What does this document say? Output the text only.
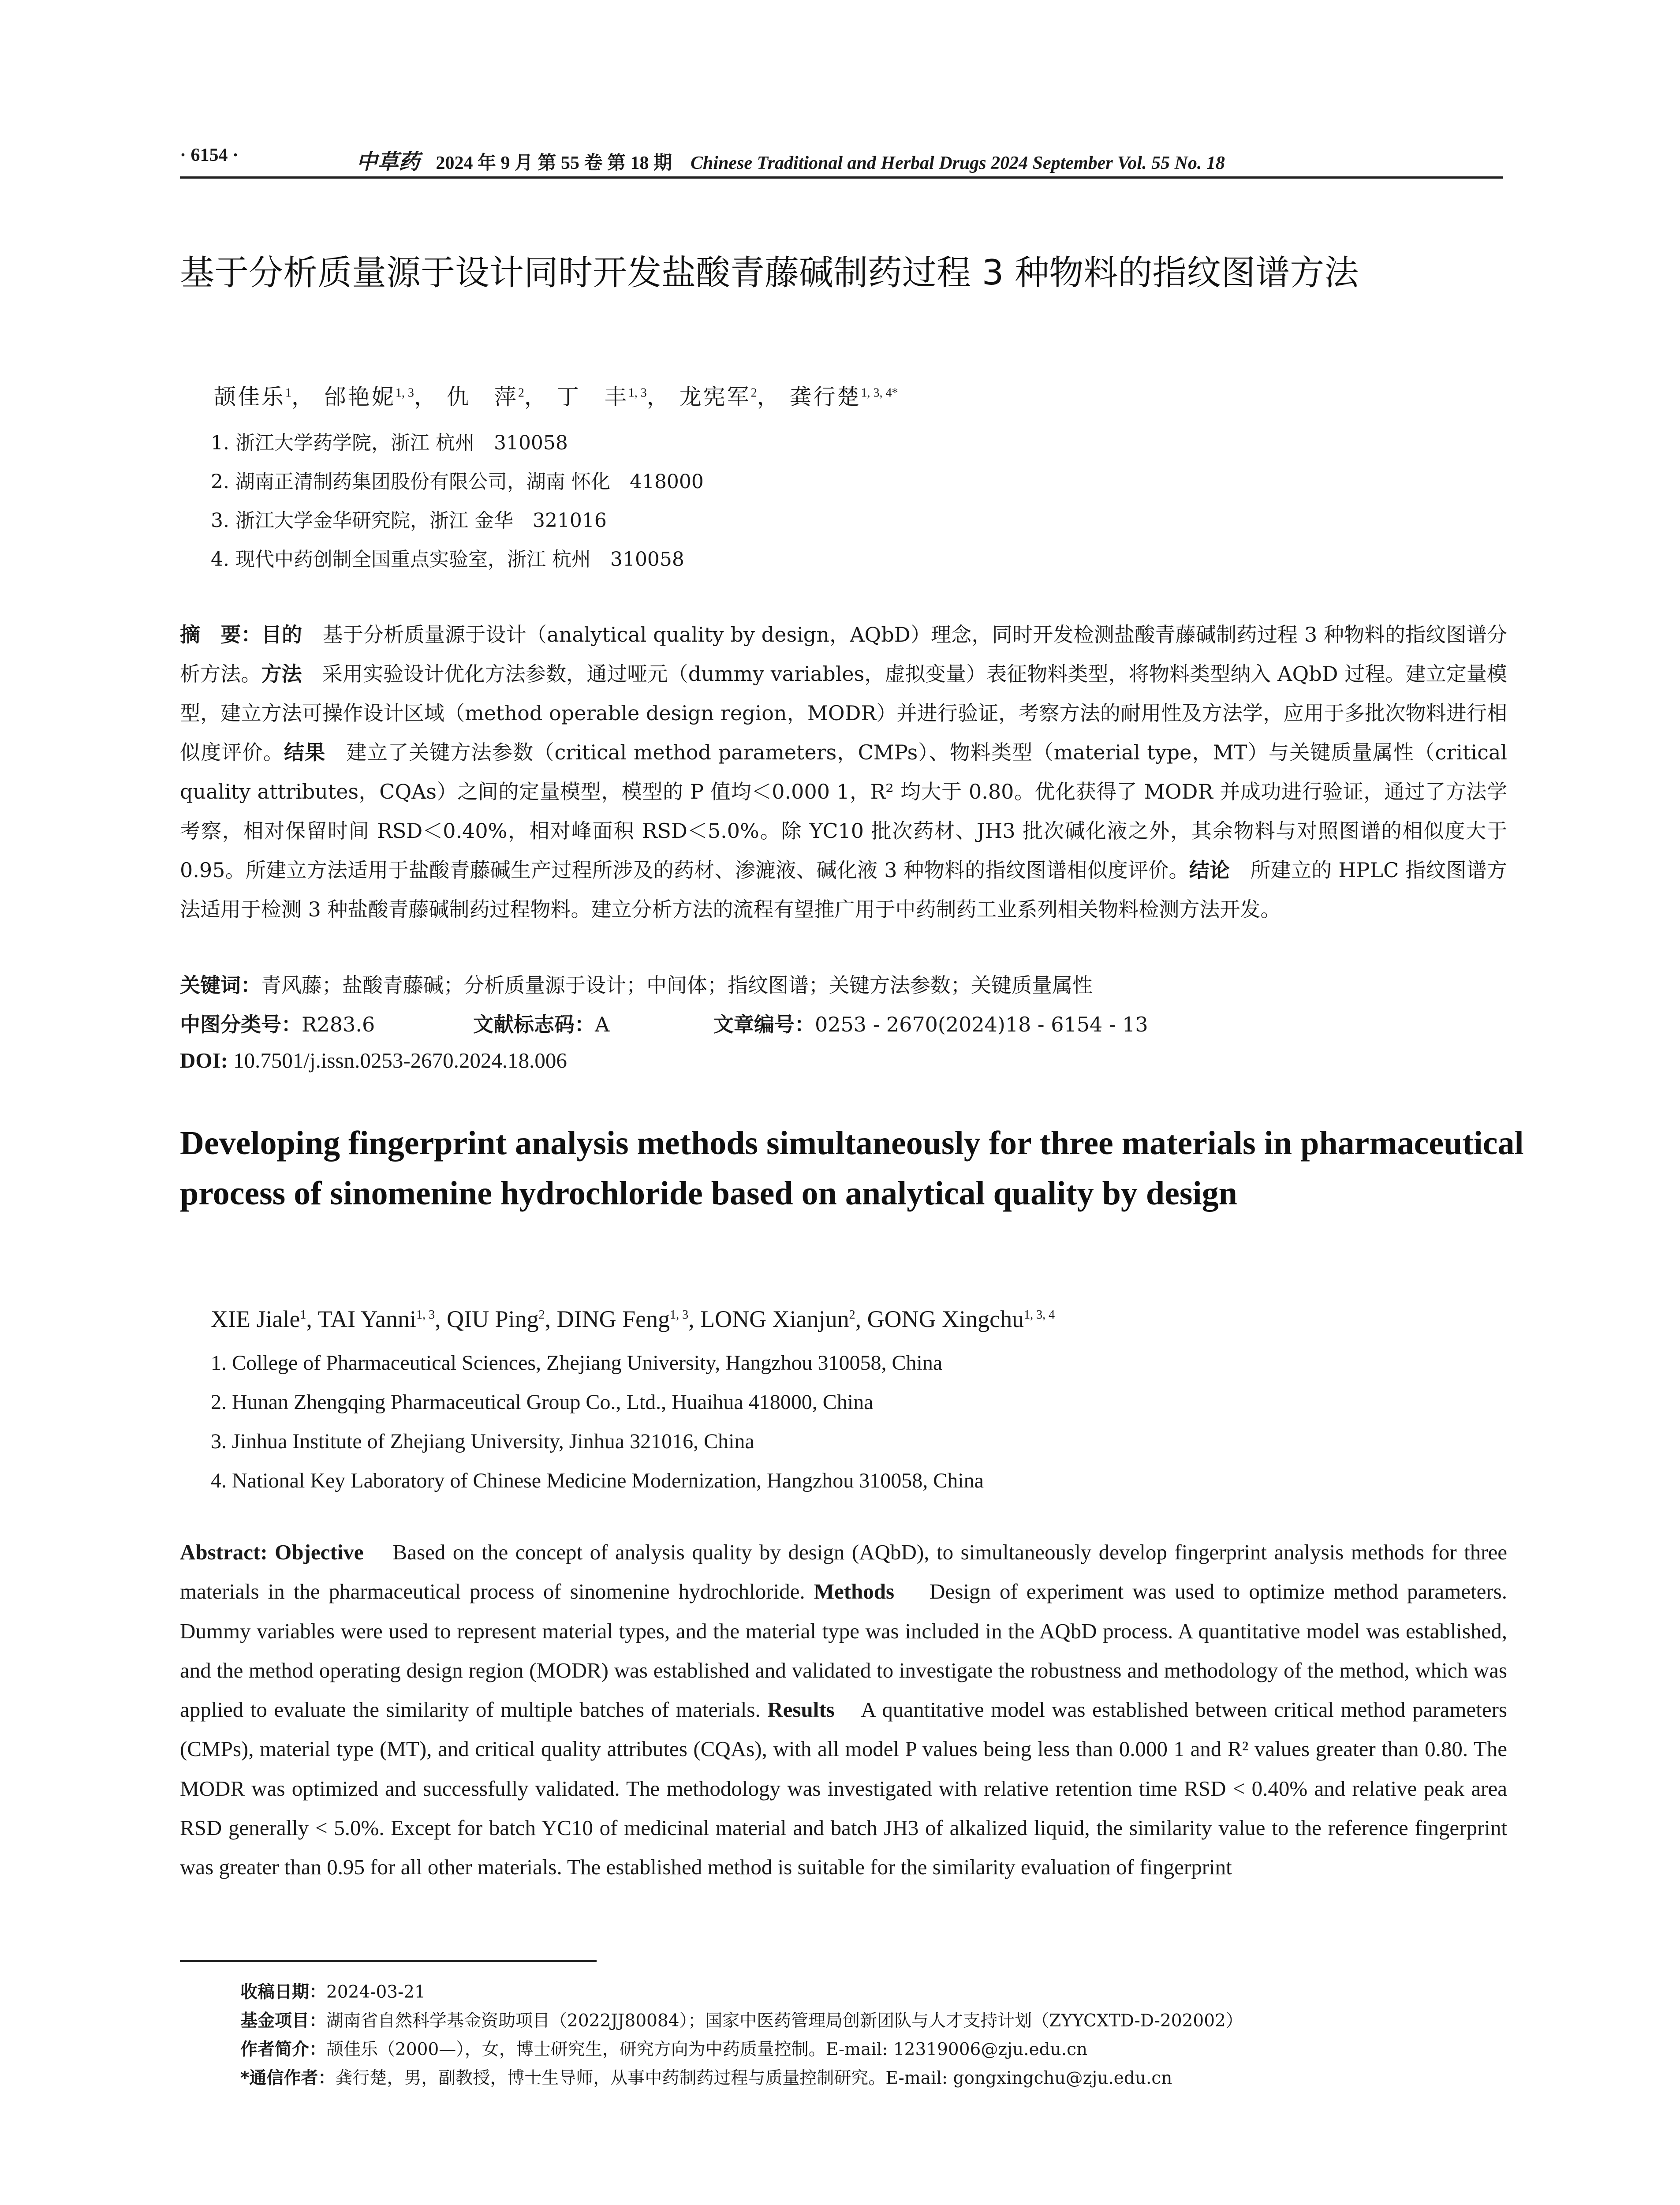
· 6154 ·	中草药 2024 年 9 月 第 55 卷 第 18 期 Chinese Traditional and Herbal Drugs 2024 September Vol. 55 No. 18
基于分析质量源于设计同时开发盐酸青藤碱制药过程 3 种物料的指纹图谱方法
颉佳乐$^1$， 邰艳妮$^{1, 3}$， 仇　萍$^2$， 丁　丰$^{1, 3}$， 龙宪军$^2$， 龚行楚$^{1, 3, 4*}$
1. 浙江大学药学院，浙江 杭州　310058
2. 湖南正清制药集团股份有限公司，湖南 怀化　418000
3. 浙江大学金华研究院，浙江 金华　321016
4. 现代中药创制全国重点实验室，浙江 杭州　310058
摘　要：目的　基于分析质量源于设计（analytical quality by design，AQbD）理念，同时开发检测盐酸青藤碱制药过程 3 种物料的指纹图谱分析方法。方法　采用实验设计优化方法参数，通过哑元（dummy variables，虚拟变量）表征物料类型，将物料类型纳入 AQbD 过程。建立定量模型，建立方法可操作设计区域（method operable design region，MODR）并进行验证，考察方法的耐用性及方法学，应用于多批次物料进行相似度评价。结果　建立了关键方法参数（critical method parameters，CMPs）、物料类型（material type，MT）与关键质量属性（critical quality attributes，CQAs）之间的定量模型，模型的 P 值均＜0.000 1，R² 均大于 0.80。优化获得了 MODR 并成功进行验证，通过了方法学考察，相对保留时间 RSD＜0.40%，相对峰面积 RSD＜5.0%。除 YC10 批次药材、JH3 批次碱化液之外，其余物料与对照图谱的相似度大于 0.95。所建立方法适用于盐酸青藤碱生产过程所涉及的药材、渗漉液、碱化液 3 种物料的指纹图谱相似度评价。结论　所建立的 HPLC 指纹图谱方法适用于检测 3 种盐酸青藤碱制药过程物料。建立分析方法的流程有望推广用于中药制药工业系列相关物料检测方法开发。
关键词：青风藤；盐酸青藤碱；分析质量源于设计；中间体；指纹图谱；关键方法参数；关键质量属性
中图分类号：R283.6	文献标志码：A	文章编号：0253 - 2670(2024)18 - 6154 - 13
DOI: 10.7501/j.issn.0253-2670.2024.18.006
Developing fingerprint analysis methods simultaneously for three materials in pharmaceutical process of sinomenine hydrochloride based on analytical quality by design
XIE Jiale$^1$, TAI Yanni$^{1, 3}$, QIU Ping$^2$, DING Feng$^{1, 3}$, LONG Xianjun$^2$, GONG Xingchu$^{1, 3, 4}$
1. College of Pharmaceutical Sciences, Zhejiang University, Hangzhou 310058, China
2. Hunan Zhengqing Pharmaceutical Group Co., Ltd., Huaihua 418000, China
3. Jinhua Institute of Zhejiang University, Jinhua 321016, China
4. National Key Laboratory of Chinese Medicine Modernization, Hangzhou 310058, China
Abstract: Objective Based on the concept of analysis quality by design (AQbD), to simultaneously develop fingerprint analysis methods for three materials in the pharmaceutical process of sinomenine hydrochloride. Methods Design of experiment was used to optimize method parameters. Dummy variables were used to represent material types, and the material type was included in the AQbD process. A quantitative model was established, and the method operating design region (MODR) was established and validated to investigate the robustness and methodology of the method, which was applied to evaluate the similarity of multiple batches of materials. Results A quantitative model was established between critical method parameters (CMPs), material type (MT), and critical quality attributes (CQAs), with all model P values being less than 0.000 1 and R² values greater than 0.80. The MODR was optimized and successfully validated. The methodology was investigated with relative retention time RSD < 0.40% and relative peak area RSD generally < 5.0%. Except for batch YC10 of medicinal material and batch JH3 of alkalized liquid, the similarity value to the reference fingerprint was greater than 0.95 for all other materials. The established method is suitable for the similarity evaluation of fingerprint
收稿日期：2024-03-21
基金项目：湖南省自然科学基金资助项目（2022JJ80084）；国家中医药管理局创新团队与人才支持计划（ZYYCXTD-D-202002）
作者简介：颉佳乐（2000—），女，博士研究生，研究方向为中药质量控制。E-mail: 12319006@zju.edu.cn
*通信作者：龚行楚，男，副教授，博士生导师，从事中药制药过程与质量控制研究。E-mail: gongxingchu@zju.edu.cn
